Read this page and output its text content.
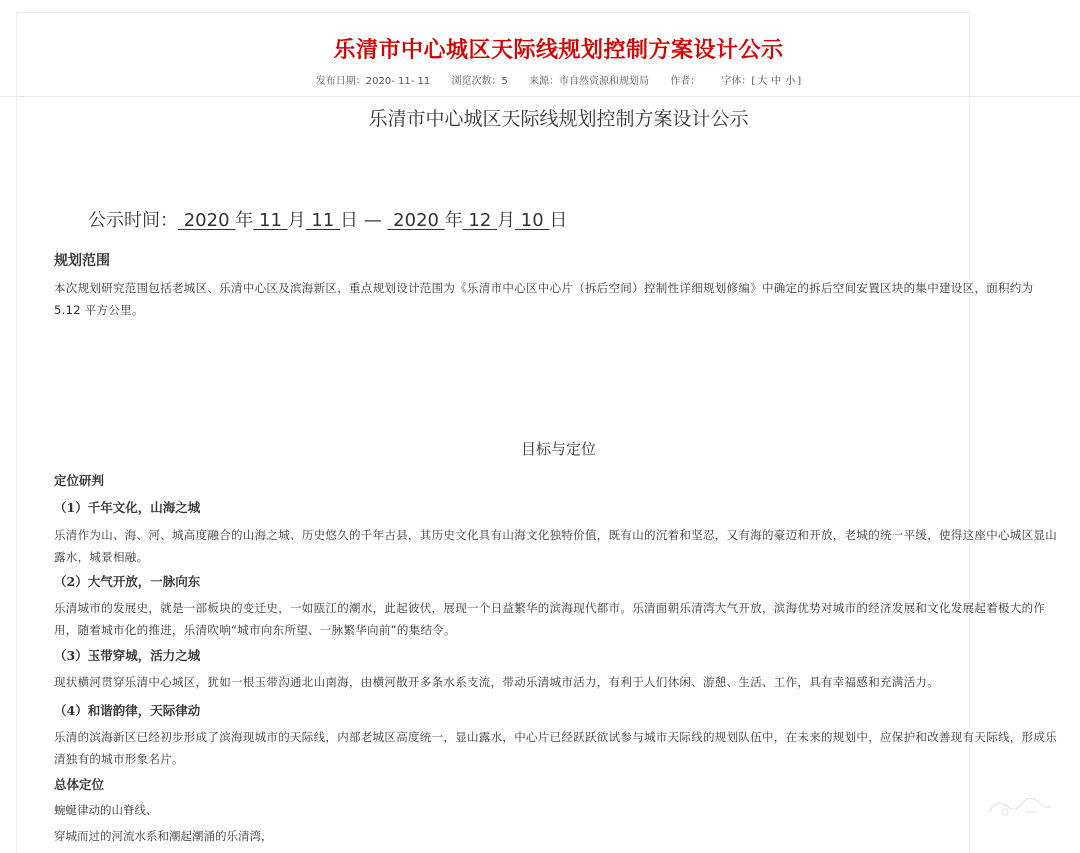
乐清市中心城区天际线规划控制方案设计公示
发布日期：2020- 11- 11 浏览次数：5 来源：市自然资源和规划局 作者： 字体：[ 大 中 小 ]
乐清市中心城区天际线规划控制方案设计公示
公示时间： 2020 年 11 月 11 日 —  2020 年 12 月 10 日
规划范围
本次规划研究范围包括老城区、乐清中心区及滨海新区，重点规划设计范围为《乐清市中心区中心片（拆后空间）控制性详细规划修编》中确定的拆后空间安置区块的集中建设区，面积约为 5.12 平方公里。
目标与定位
定位研判
（1）千年文化，山海之城
乐清作为山、海、河、城高度融合的山海之城、历史悠久的千年古县，其历史文化具有山海文化独特价值，既有山的沉着和坚忍，又有海的豪迈和开放，老城的统一平缓，使得这座中心城区显山露水，城景相融。
（2）大气开放，一脉向东
乐清城市的发展史，就是一部板块的变迁史，一如瓯江的潮水，此起彼伏，展现一个日益繁华的滨海现代都市。乐清面朝乐清湾大气开放，滨海优势对城市的经济发展和文化发展起着极大的作用，随着城市化的推进，乐清吹响“城市向东所望、一脉繁华向前”的集结令。
（3）玉带穿城，活力之城
现状横河贯穿乐清中心城区，犹如一根玉带沟通北山南海，由横河散开多条水系支流，带动乐清城市活力，有利于人们休闲、游憩、生活、工作，具有幸福感和充满活力。
（4）和谐韵律，天际律动
乐清的滨海新区已经初步形成了滨海现城市的天际线，内部老城区高度统一，显山露水，中心片已经跃跃欲试参与城市天际线的规划队伍中，在未来的规划中，应保护和改善现有天际线，形成乐清独有的城市形象名片。
总体定位
蜿蜒律动的山脊线、
穿城而过的河流水系和潮起潮涌的乐清湾，
